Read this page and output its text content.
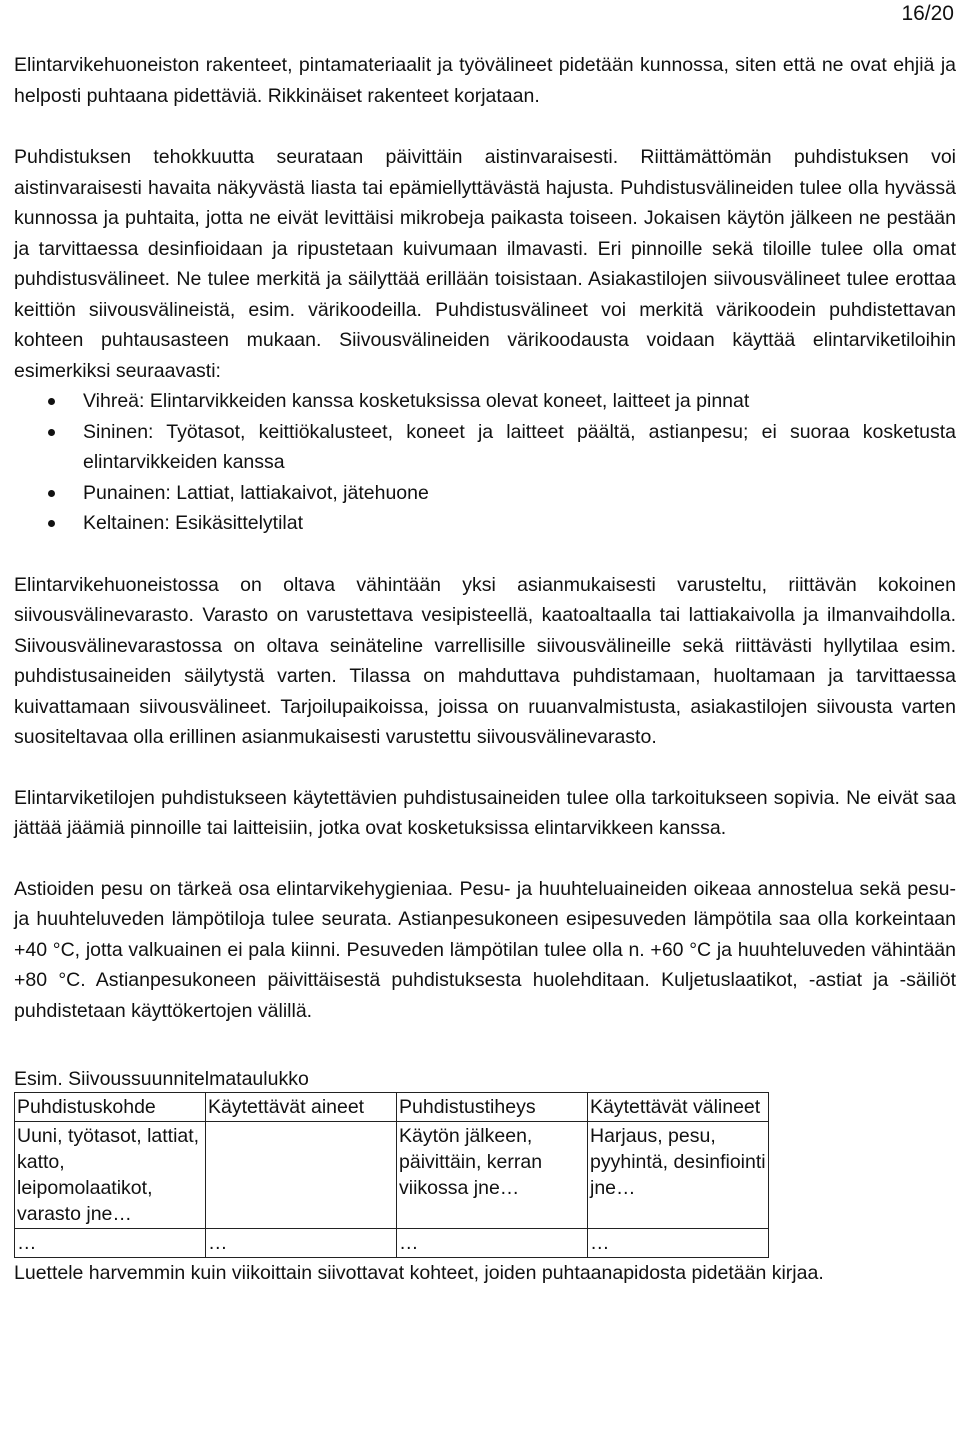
16/20

Elintarvikehuoneiston rakenteet, pintamateriaalit ja työvälineet pidetään kunnossa, siten että ne ovat ehjiä ja helposti puhtaana pidettäviä. Rikkinäiset rakenteet korjataan.

Puhdistuksen tehokkuutta seurataan päivittäin aistinvaraisesti. Riittämättömän puhdistuksen voi aistinvaraisesti havaita näkyvästä liasta tai epämiellyttävästä hajusta. Puhdistusvälineiden tulee olla hyvässä kunnossa ja puhtaita, jotta ne eivät levittäisi mikrobeja paikasta toiseen. Jokaisen käytön jälkeen ne pestään ja tarvittaessa desinfioidaan ja ripustetaan kuivumaan ilmavasti. Eri pinnoille sekä tiloille tulee olla omat puhdistusvälineet. Ne tulee merkitä ja säilyttää erillään toisistaan. Asiakastilojen siivousvälineet tulee erottaa keittiön siivousvälineistä, esim. värikoodeilla. Puhdistusvälineet voi merkitä värikoodein puhdistettavan kohteen puhtausasteen mukaan. Siivousvälineiden värikoodausta voidaan käyttää elintarviketiloihin esimerkiksi seuraavasti:

Vihreä: Elintarvikkeiden kanssa kosketuksissa olevat koneet, laitteet ja pinnat
Sininen: Työtasot, keittiökalusteet, koneet ja laitteet päältä, astianpesu; ei suoraa kosketusta elintarvikkeiden kanssa
Punainen: Lattiat, lattiakaivot, jätehuone
Keltainen: Esikäsittelytilat

Elintarvikehuoneistossa on oltava vähintään yksi asianmukaisesti varusteltu, riittävän kokoinen siivousvälinevarasto. Varasto on varustettava vesipisteellä, kaatoaltaalla tai lattiakaivolla ja ilmanvaihdolla. Siivousvälinevarastossa on oltava seinäteline varrellisille siivousvälineille sekä riittävästi hyllytilaa esim. puhdistusaineiden säilytystä varten. Tilassa on mahduttava puhdistamaan, huoltamaan ja tarvittaessa kuivattamaan siivousvälineet. Tarjoilupaikoissa, joissa on ruuanvalmistusta, asiakastilojen siivousta varten suositeltavaa olla erillinen asianmukaisesti varustettu siivousvälinevarasto.

Elintarviketilojen puhdistukseen käytettävien puhdistusaineiden tulee olla tarkoitukseen sopivia. Ne eivät saa jättää jäämiä pinnoille tai laitteisiin, jotka ovat kosketuksissa elintarvikkeen kanssa.

Astioiden pesu on tärkeä osa elintarvikehygieniaa. Pesu- ja huuhteluaineiden oikeaa annostelua sekä pesu- ja huuhteluveden lämpötiloja tulee seurata. Astianpesukoneen esipesuveden lämpötila saa olla korkeintaan +40 °C, jotta valkuainen ei pala kiinni. Pesuveden lämpötilan tulee olla n. +60 °C ja huuhteluveden vähintään +80 °C. Astianpesukoneen päivittäisestä puhdistuksesta huolehditaan. Kuljetuslaatikot, -astiat ja -säiliöt puhdistetaan käyttökertojen välillä.

Esim. Siivoussuunnitelmataulukko
Puhdistuskohde	Käytettävät aineet	Puhdistustiheys	Käytettävät välineet
Uuni, työtasot, lattiat, katto, leipomolaatikot, varasto jne…		Käytön jälkeen, päivittäin, kerran viikossa jne…	Harjaus, pesu, pyyhintä, desinfiointi jne…
…	…	…	…

Luettele harvemmin kuin viikoittain siivottavat kohteet, joiden puhtaanapidosta pidetään kirjaa.
